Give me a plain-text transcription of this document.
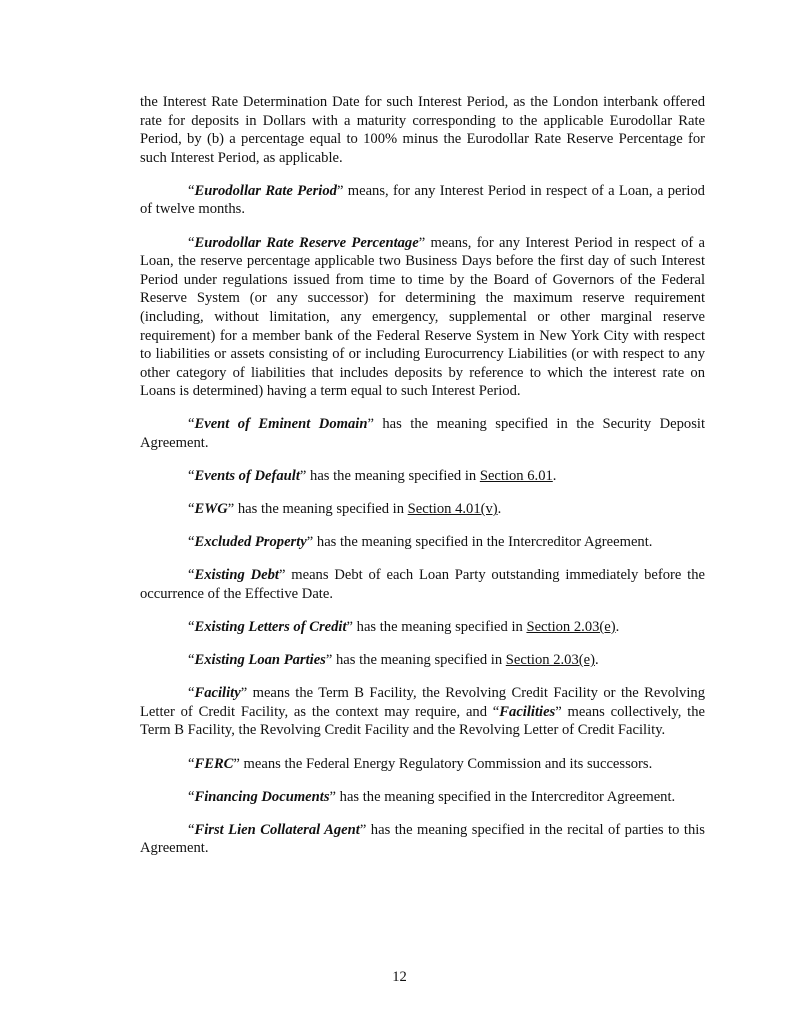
the Interest Rate Determination Date for such Interest Period, as the London interbank offered rate for deposits in Dollars with a maturity corresponding to the applicable Eurodollar Rate Period, by (b) a percentage equal to 100% minus the Eurodollar Rate Reserve Percentage for such Interest Period, as applicable.

“Eurodollar Rate Period” means, for any Interest Period in respect of a Loan, a period of twelve months.

“Eurodollar Rate Reserve Percentage” means, for any Interest Period in respect of a Loan, the reserve percentage applicable two Business Days before the first day of such Interest Period under regulations issued from time to time by the Board of Governors of the Federal Reserve System (or any successor) for determining the maximum reserve requirement (including, without limitation, any emergency, supplemental or other marginal reserve requirement) for a member bank of the Federal Reserve System in New York City with respect to liabilities or assets consisting of or including Eurocurrency Liabilities (or with respect to any other category of liabilities that includes deposits by reference to which the interest rate on Loans is determined) having a term equal to such Interest Period.

“Event of Eminent Domain” has the meaning specified in the Security Deposit Agreement.

“Events of Default” has the meaning specified in Section 6.01.

“EWG” has the meaning specified in Section 4.01(v).

“Excluded Property” has the meaning specified in the Intercreditor Agreement.

“Existing Debt” means Debt of each Loan Party outstanding immediately before the occurrence of the Effective Date.

“Existing Letters of Credit” has the meaning specified in Section 2.03(e).

“Existing Loan Parties” has the meaning specified in Section 2.03(e).

“Facility” means the Term B Facility, the Revolving Credit Facility or the Revolving Letter of Credit Facility, as the context may require, and “Facilities” means collectively, the Term B Facility, the Revolving Credit Facility and the Revolving Letter of Credit Facility.

“FERC” means the Federal Energy Regulatory Commission and its successors.

“Financing Documents” has the meaning specified in the Intercreditor Agreement.

“First Lien Collateral Agent” has the meaning specified in the recital of parties to this Agreement.

12
